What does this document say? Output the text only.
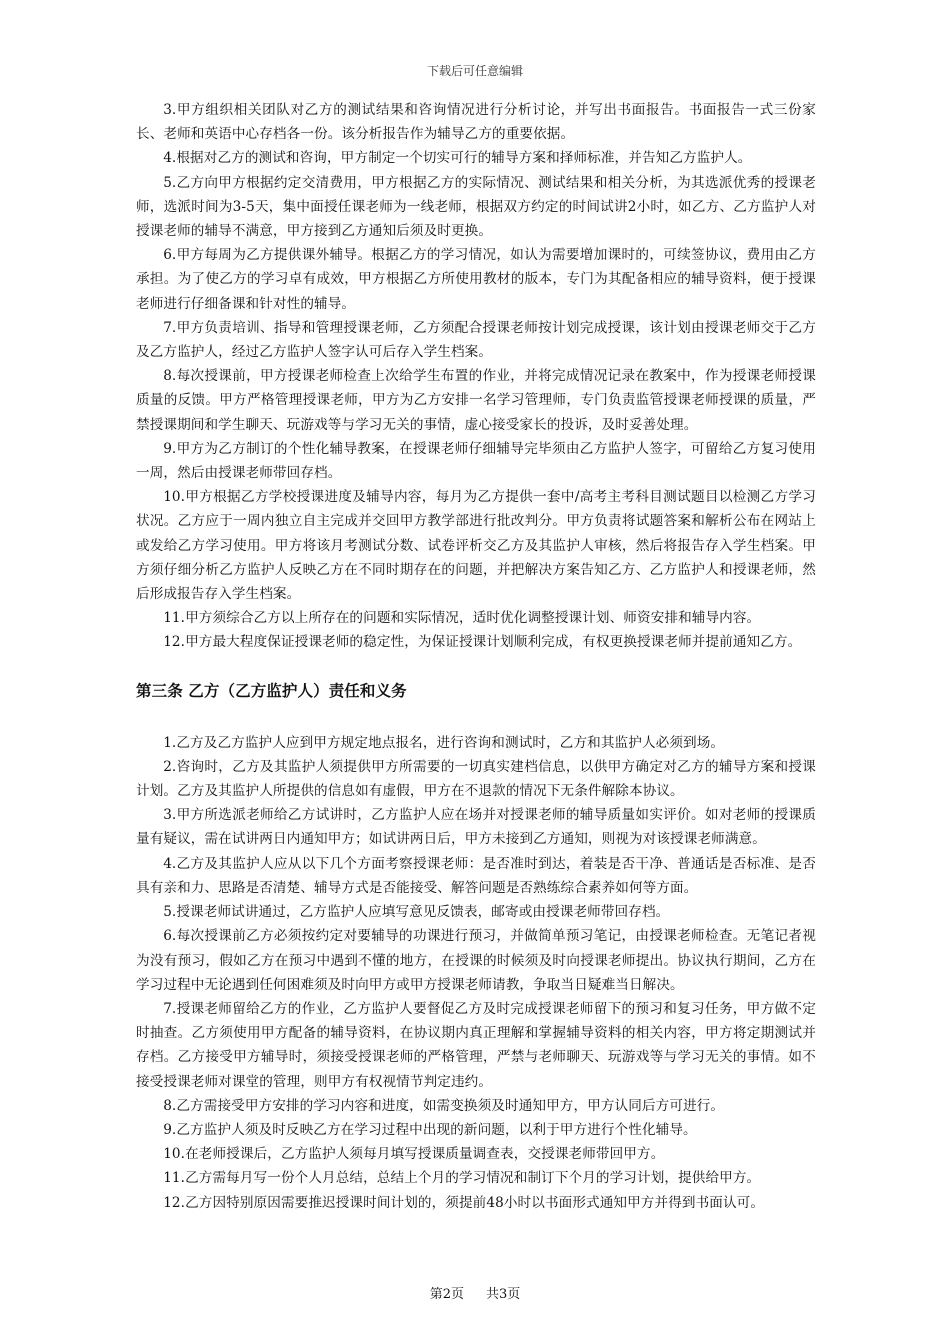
下载后可任意编辑

3.甲方组织相关团队对乙方的测试结果和咨询情况进行分析讨论，并写出书面报告。书面报告一式三份家长、老师和英语中心存档各一份。该分析报告作为辅导乙方的重要依据。

4.根据对乙方的测试和咨询，甲方制定一个切实可行的辅导方案和择师标准，并告知乙方监护人。

5.乙方向甲方根据约定交清费用，甲方根据乙方的实际情况、测试结果和相关分析，为其选派优秀的授课老师，选派时间为3-5天，集中面授任课老师为一线老师，根据双方约定的时间试讲2小时，如乙方、乙方监护人对授课老师的辅导不满意，甲方接到乙方通知后须及时更换。

6.甲方每周为乙方提供课外辅导。根据乙方的学习情况，如认为需要增加课时的，可续签协议，费用由乙方承担。为了使乙方的学习卓有成效，甲方根据乙方所使用教材的版本，专门为其配备相应的辅导资料，便于授课老师进行仔细备课和针对性的辅导。

7.甲方负责培训、指导和管理授课老师，乙方须配合授课老师按计划完成授课，该计划由授课老师交于乙方及乙方监护人，经过乙方监护人签字认可后存入学生档案。

8.每次授课前，甲方授课老师检查上次给学生布置的作业，并将完成情况记录在教案中，作为授课老师授课质量的反馈。甲方严格管理授课老师，甲方为乙方安排一名学习管理师，专门负责监管授课老师授课的质量，严禁授课期间和学生聊天、玩游戏等与学习无关的事情，虚心接受家长的投诉，及时妥善处理。

9.甲方为乙方制订的个性化辅导教案，在授课老师仔细辅导完毕须由乙方监护人签字，可留给乙方复习使用一周，然后由授课老师带回存档。

10.甲方根据乙方学校授课进度及辅导内容，每月为乙方提供一套中/高考主考科目测试题目以检测乙方学习状况。乙方应于一周内独立自主完成并交回甲方教学部进行批改判分。甲方负责将试题答案和解析公布在网站上或发给乙方学习使用。甲方将该月考测试分数、试卷评析交乙方及其监护人审核，然后将报告存入学生档案。甲方须仔细分析乙方监护人反映乙方在不同时期存在的问题，并把解决方案告知乙方、乙方监护人和授课老师，然后形成报告存入学生档案。

11.甲方须综合乙方以上所存在的问题和实际情况，适时优化调整授课计划、师资安排和辅导内容。

12.甲方最大程度保证授课老师的稳定性，为保证授课计划顺利完成，有权更换授课老师并提前通知乙方。

第三条 乙方（乙方监护人）责任和义务

1.乙方及乙方监护人应到甲方规定地点报名，进行咨询和测试时，乙方和其监护人必须到场。

2.咨询时，乙方及其监护人须提供甲方所需要的一切真实建档信息，以供甲方确定对乙方的辅导方案和授课计划。乙方及其监护人所提供的信息如有虚假，甲方在不退款的情况下无条件解除本协议。

3.甲方所选派老师给乙方试讲时，乙方监护人应在场并对授课老师的辅导质量如实评价。如对老师的授课质量有疑议，需在试讲两日内通知甲方；如试讲两日后，甲方未接到乙方通知，则视为对该授课老师满意。

4.乙方及其监护人应从以下几个方面考察授课老师：是否准时到达，着装是否干净、普通话是否标准、是否具有亲和力、思路是否清楚、辅导方式是否能接受、解答问题是否熟练综合素养如何等方面。

5.授课老师试讲通过，乙方监护人应填写意见反馈表，邮寄或由授课老师带回存档。

6.每次授课前乙方必须按约定对要辅导的功课进行预习，并做简单预习笔记，由授课老师检查。无笔记者视为没有预习，假如乙方在预习中遇到不懂的地方，在授课的时候须及时向授课老师提出。协议执行期间，乙方在学习过程中无论遇到任何困难须及时向甲方或甲方授课老师请教，争取当日疑难当日解决。

7.授课老师留给乙方的作业，乙方监护人要督促乙方及时完成授课老师留下的预习和复习任务，甲方做不定时抽查。乙方须使用甲方配备的辅导资料，在协议期内真正理解和掌握辅导资料的相关内容，甲方将定期测试并存档。乙方接受甲方辅导时，须接受授课老师的严格管理，严禁与老师聊天、玩游戏等与学习无关的事情。如不接受授课老师对课堂的管理，则甲方有权视情节判定违约。

8.乙方需接受甲方安排的学习内容和进度，如需变换须及时通知甲方，甲方认同后方可进行。

9.乙方监护人须及时反映乙方在学习过程中出现的新问题，以利于甲方进行个性化辅导。

10.在老师授课后，乙方监护人须每月填写授课质量调查表，交授课老师带回甲方。

11.乙方需每月写一份个人月总结，总结上个月的学习情况和制订下个月的学习计划，提供给甲方。

12.乙方因特别原因需要推迟授课时间计划的，须提前48小时以书面形式通知甲方并得到书面认可。

第2页 共3页
